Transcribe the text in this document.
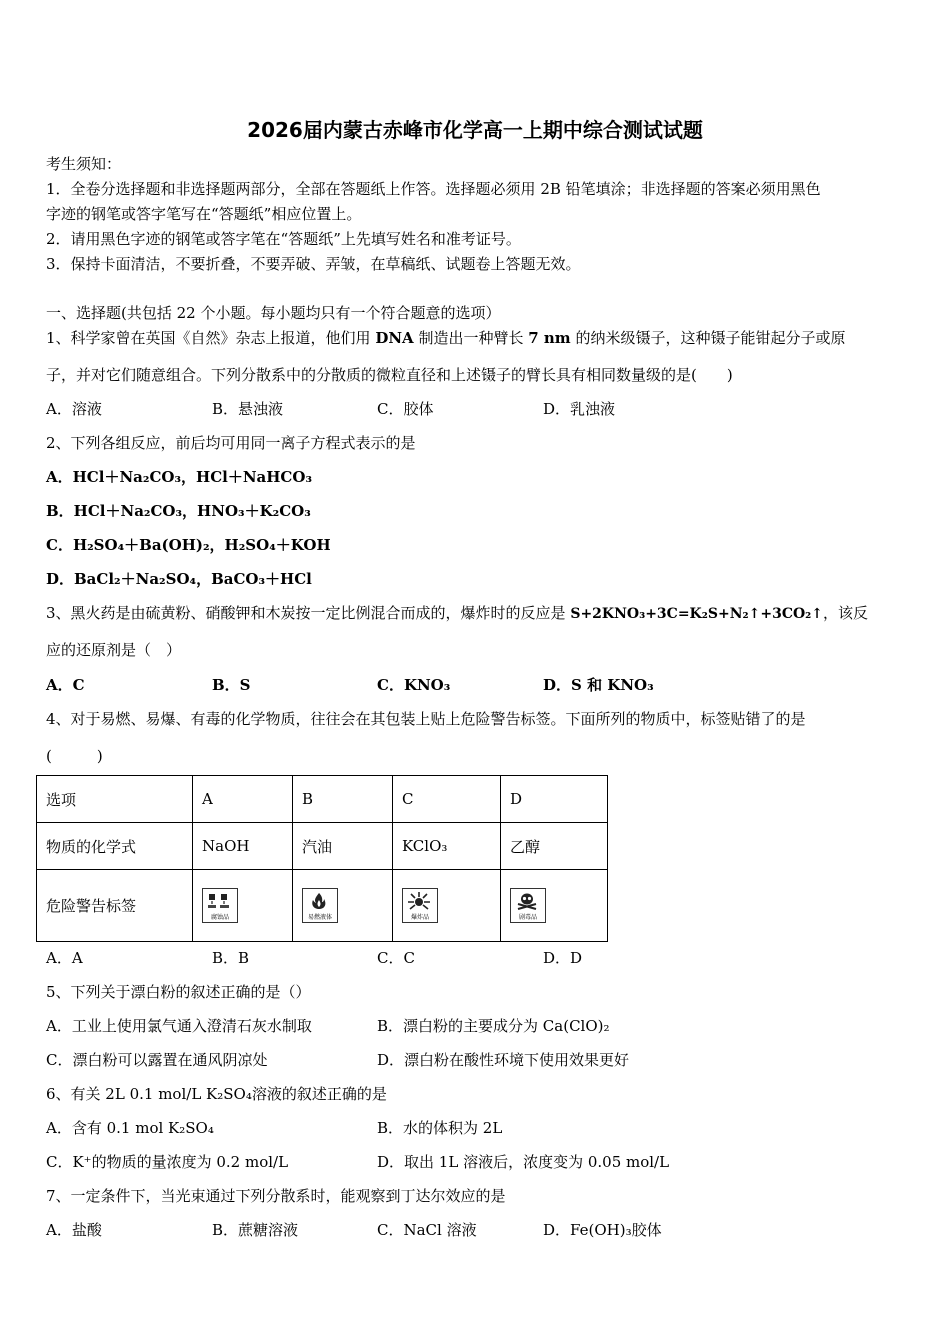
2026届内蒙古赤峰市化学高一上期中综合测试试题
考生须知：
1．全卷分选择题和非选择题两部分，全部在答题纸上作答。选择题必须用 2B 铅笔填涂；非选择题的答案必须用黑色
字迹的钢笔或答字笔写在“答题纸”相应位置上。
2．请用黑色字迹的钢笔或答字笔在“答题纸”上先填写姓名和准考证号。
3．保持卡面清洁，不要折叠，不要弄破、弄皱，在草稿纸、试题卷上答题无效。
一、选择题(共包括 22 个小题。每小题均只有一个符合题意的选项）
1、科学家曾在英国《自然》杂志上报道，他们用 DNA 制造出一种臂长 7 nm 的纳米级镊子，这种镊子能钳起分子或原
子，并对它们随意组合。下列分散系中的分散质的微粒直径和上述镊子的臂长具有相同数量级的是(　　)
A．溶液	B．悬浊液	C．胶体	D．乳浊液
2、下列各组反应，前后均可用同一离子方程式表示的是
A．HCl＋Na₂CO₃，HCl＋NaHCO₃
B．HCl＋Na₂CO₃，HNO₃＋K₂CO₃
C．H₂SO₄＋Ba(OH)₂，H₂SO₄＋KOH
D．BaCl₂＋Na₂SO₄，BaCO₃＋HCl
3、黑火药是由硫黄粉、硝酸钾和木炭按一定比例混合而成的，爆炸时的反应是 S+2KNO₃+3C=K₂S+N₂↑+3CO₂↑，该反
应的还原剂是（　）
A．C	B．S	C．KNO₃	D．S 和 KNO₃
4、对于易燃、易爆、有毒的化学物质，往往会在其包装上贴上危险警告标签。下面所列的物质中，标签贴错了的是
(　　　)
选项	A	B	C	D
物质的化学式	NaOH	汽油	KClO₃	乙醇
危险警告标签	腐蚀品	易燃液体	爆炸品	剧毒品
A．A	B．B	C．C	D．D
5、下列关于漂白粉的叙述正确的是（）
A．工业上使用氯气通入澄清石灰水制取	B．漂白粉的主要成分为 Ca(ClO)₂
C．漂白粉可以露置在通风阴凉处	D．漂白粉在酸性环境下使用效果更好
6、有关 2L 0.1 mol/L K₂SO₄溶液的叙述正确的是
A．含有 0.1 mol K₂SO₄	B．水的体积为 2L
C．K⁺的物质的量浓度为 0.2 mol/L	D．取出 1L 溶液后，浓度变为 0.05 mol/L
7、一定条件下，当光束通过下列分散系时，能观察到丁达尔效应的是
A．盐酸	B．蔗糖溶液	C．NaCl 溶液	D．Fe(OH)₃胶体
